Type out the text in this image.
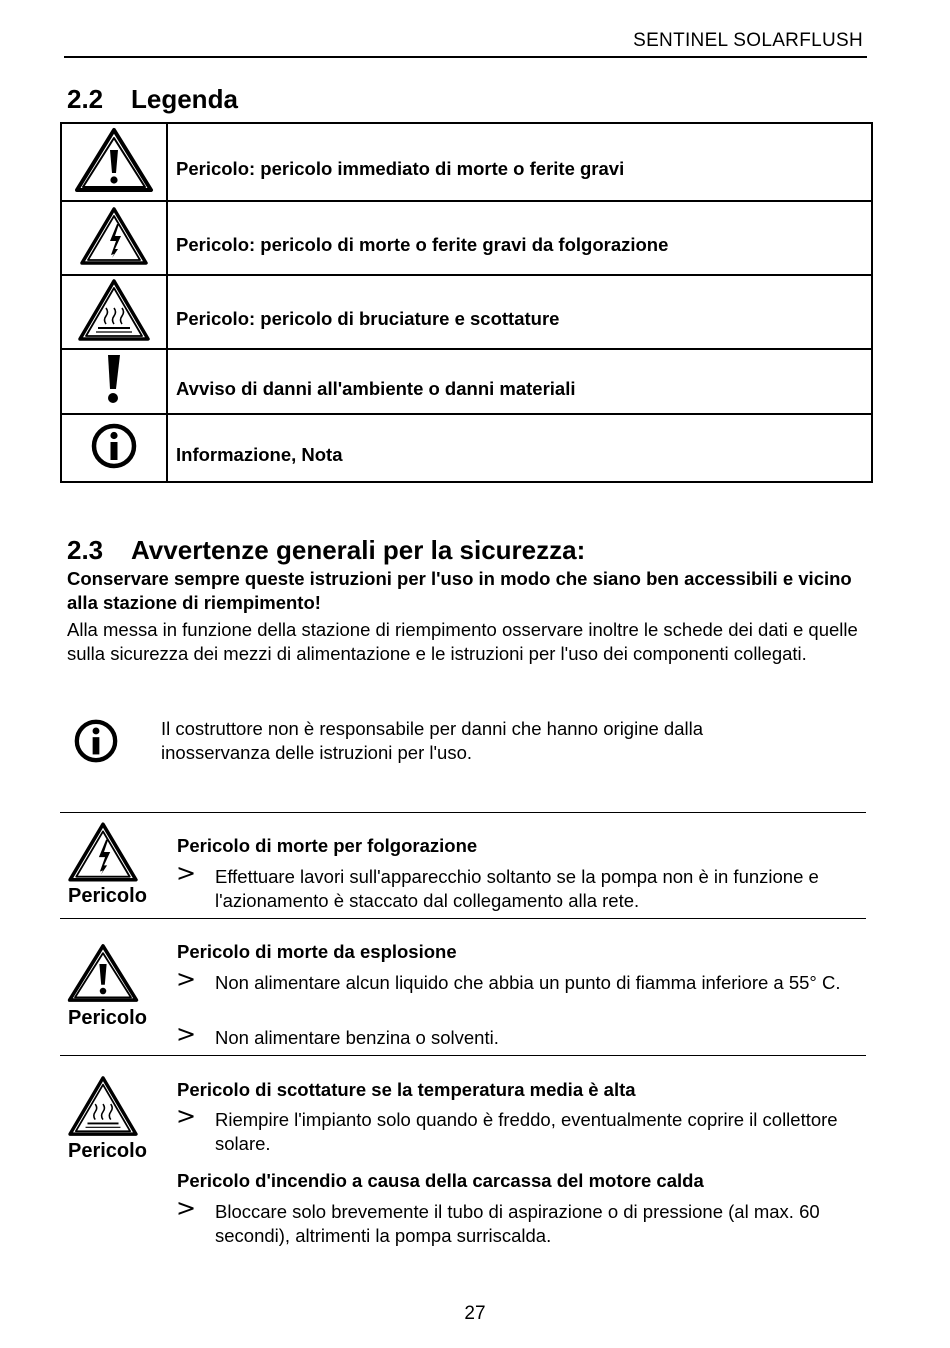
SENTINEL SOLARFLUSH
2.2 Legenda
	Pericolo: pericolo immediato di morte o ferite gravi
	Pericolo: pericolo di morte o ferite gravi da folgorazione
	Pericolo: pericolo di bruciature e scottature
	Avviso di danni all'ambiente o danni materiali
	Informazione, Nota
2.3 Avvertenze generali per la sicurezza:
Conservare sempre queste istruzioni per l'uso in modo che siano ben accessibili e vicino alla stazione di riempimento!
Alla messa in funzione della stazione di riempimento osservare inoltre le schede dei dati e quelle sulla sicurezza dei mezzi di alimentazione e le istruzioni per l'uso dei componenti collegati.
Il costruttore non è responsabile per danni che hanno origine dalla inosservanza delle istruzioni per l'uso.
Pericolo
Pericolo di morte per folgorazione
> Effettuare lavori sull'apparecchio soltanto se la pompa non è in funzione e l'azionamento è staccato dal collegamento alla rete.
Pericolo
Pericolo di morte da esplosione
> Non alimentare alcun liquido che abbia un punto di fiamma inferiore a 55° C.
> Non alimentare benzina o solventi.
Pericolo
Pericolo di scottature se la temperatura media è alta
> Riempire l'impianto solo quando è freddo, eventualmente coprire il collettore solare.
Pericolo d'incendio a causa della carcassa del motore calda
> Bloccare solo brevemente il tubo di aspirazione o di pressione (al max. 60 secondi), altrimenti la pompa surriscalda.
27
